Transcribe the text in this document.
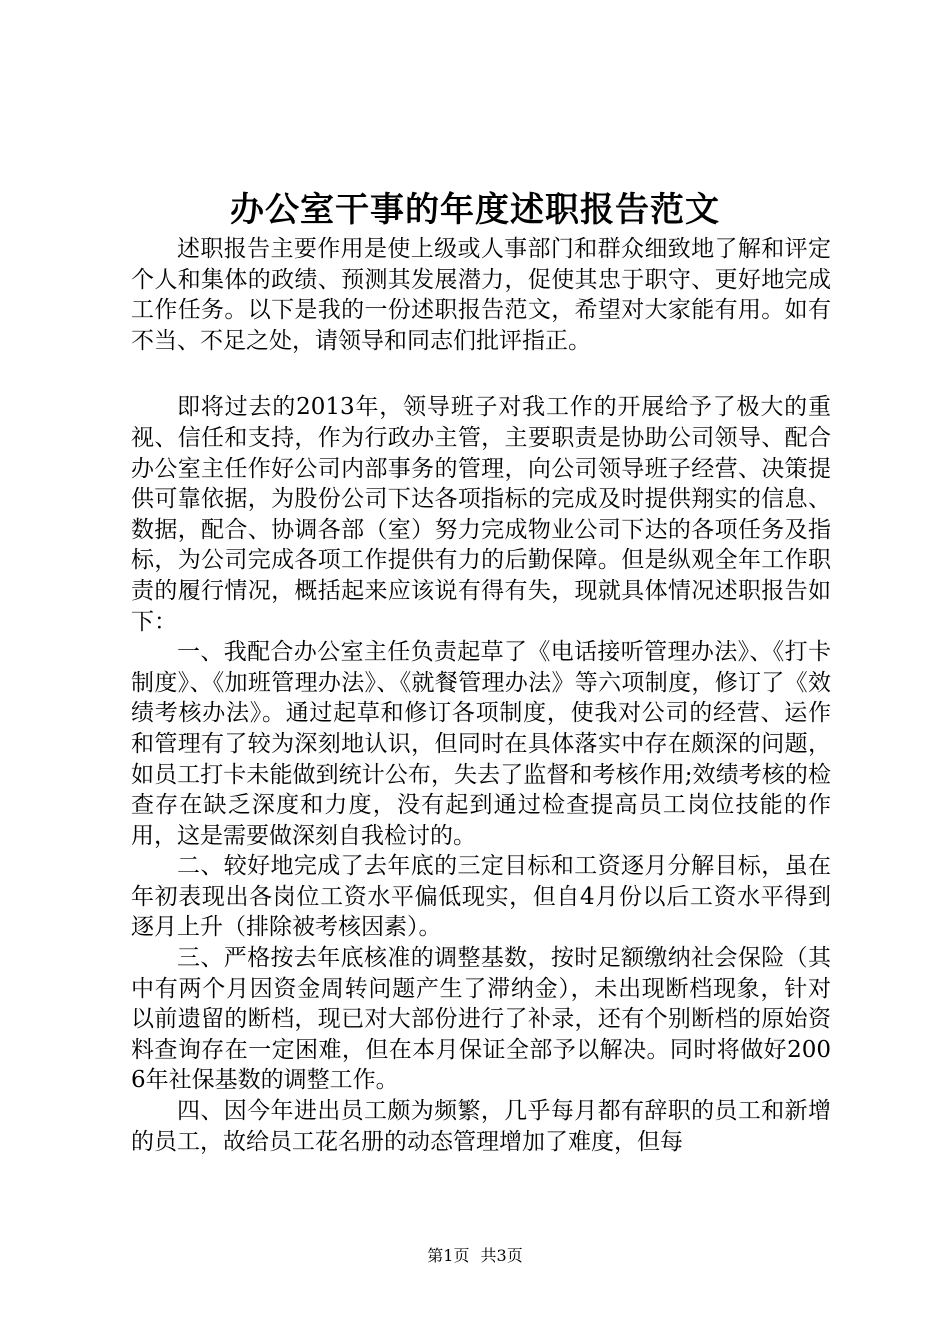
办公室干事的年度述职报告范文

述职报告主要作用是使上级或人事部门和群众细致地了解和评定个人和集体的政绩、预测其发展潜力，促使其忠于职守、更好地完成工作任务。以下是我的一份述职报告范文，希望对大家能有用。如有不当、不足之处，请领导和同志们批评指正。

即将过去的2013年，领导班子对我工作的开展给予了极大的重视、信任和支持，作为行政办主管，主要职责是协助公司领导、配合办公室主任作好公司内部事务的管理，向公司领导班子经营、决策提供可靠依据，为股份公司下达各项指标的完成及时提供翔实的信息、数据，配合、协调各部（室）努力完成物业公司下达的各项任务及指标，为公司完成各项工作提供有力的后勤保障。但是纵观全年工作职责的履行情况，概括起来应该说有得有失，现就具体情况述职报告如下：

一、我配合办公室主任负责起草了《电话接听管理办法》、《打卡制度》、《加班管理办法》、《就餐管理办法》等六项制度，修订了《效绩考核办法》。通过起草和修订各项制度，使我对公司的经营、运作和管理有了较为深刻地认识，但同时在具体落实中存在颇深的问题，如员工打卡未能做到统计公布，失去了监督和考核作用;效绩考核的检查存在缺乏深度和力度，没有起到通过检查提高员工岗位技能的作用，这是需要做深刻自我检讨的。

二、较好地完成了去年底的三定目标和工资逐月分解目标，虽在年初表现出各岗位工资水平偏低现实，但自4月份以后工资水平得到逐月上升（排除被考核因素）。

三、严格按去年底核准的调整基数，按时足额缴纳社会保险（其中有两个月因资金周转问题产生了滞纳金），未出现断档现象，针对以前遗留的断档，现已对大部份进行了补录，还有个别断档的原始资料查询存在一定困难，但在本月保证全部予以解决。同时将做好2006年社保基数的调整工作。

四、因今年进出员工颇为频繁，几乎每月都有辞职的员工和新增的员工，故给员工花名册的动态管理增加了难度，但每

第1页 共3页
